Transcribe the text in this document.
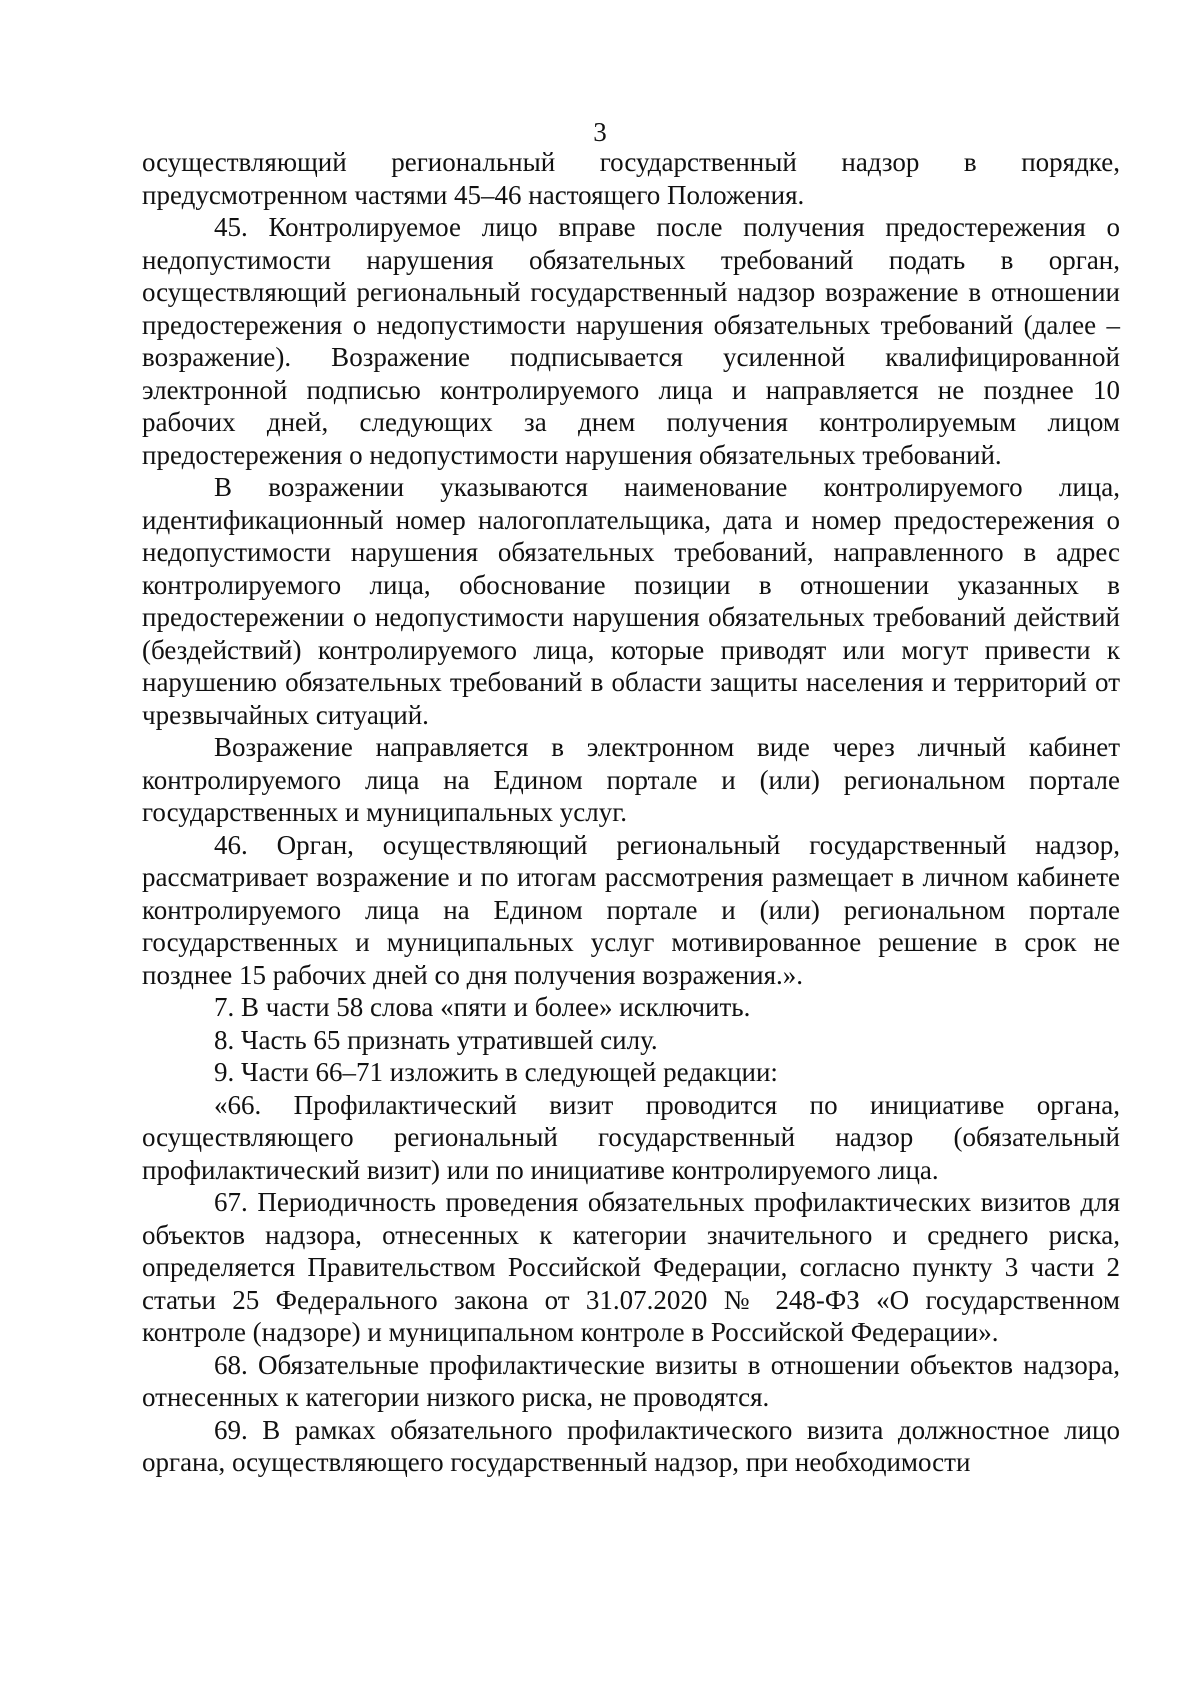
3

осуществляющий региональный государственный надзор в порядке, предусмотренном частями 45–46 настоящего Положения.

45. Контролируемое лицо вправе после получения предостережения о недопустимости нарушения обязательных требований подать в орган, осуществляющий региональный государственный надзор возражение в отношении предостережения о недопустимости нарушения обязательных требований (далее – возражение). Возражение подписывается усиленной квалифицированной электронной подписью контролируемого лица и направляется не позднее 10 рабочих дней, следующих за днем получения контролируемым лицом предостережения о недопустимости нарушения обязательных требований.

В возражении указываются наименование контролируемого лица, идентификационный номер налогоплательщика, дата и номер предостережения о недопустимости нарушения обязательных требований, направленного в адрес контролируемого лица, обоснование позиции в отношении указанных в предостережении о недопустимости нарушения обязательных требований действий (бездействий) контролируемого лица, которые приводят или могут привести к нарушению обязательных требований в области защиты населения и территорий от чрезвычайных ситуаций.

Возражение направляется в электронном виде через личный кабинет контролируемого лица на Едином портале и (или) региональном портале государственных и муниципальных услуг.

46. Орган, осуществляющий региональный государственный надзор, рассматривает возражение и по итогам рассмотрения размещает в личном кабинете контролируемого лица на Едином портале и (или) региональном портале государственных и муниципальных услуг мотивированное решение в срок не позднее 15 рабочих дней со дня получения возражения.».

7. В части 58 слова «пяти и более» исключить.

8. Часть 65 признать утратившей силу.

9. Части 66–71 изложить в следующей редакции:

«66. Профилактический визит проводится по инициативе органа, осуществляющего региональный государственный надзор (обязательный профилактический визит) или по инициативе контролируемого лица.

67. Периодичность проведения обязательных профилактических визитов для объектов надзора, отнесенных к категории значительного и среднего риска, определяется Правительством Российской Федерации, согласно пункту 3 части 2 статьи 25 Федерального закона от 31.07.2020 № 248-ФЗ «О государственном контроле (надзоре) и муниципальном контроле в Российской Федерации».

68. Обязательные профилактические визиты в отношении объектов надзора, отнесенных к категории низкого риска, не проводятся.

69. В рамках обязательного профилактического визита должностное лицо органа, осуществляющего государственный надзор, при необходимости
